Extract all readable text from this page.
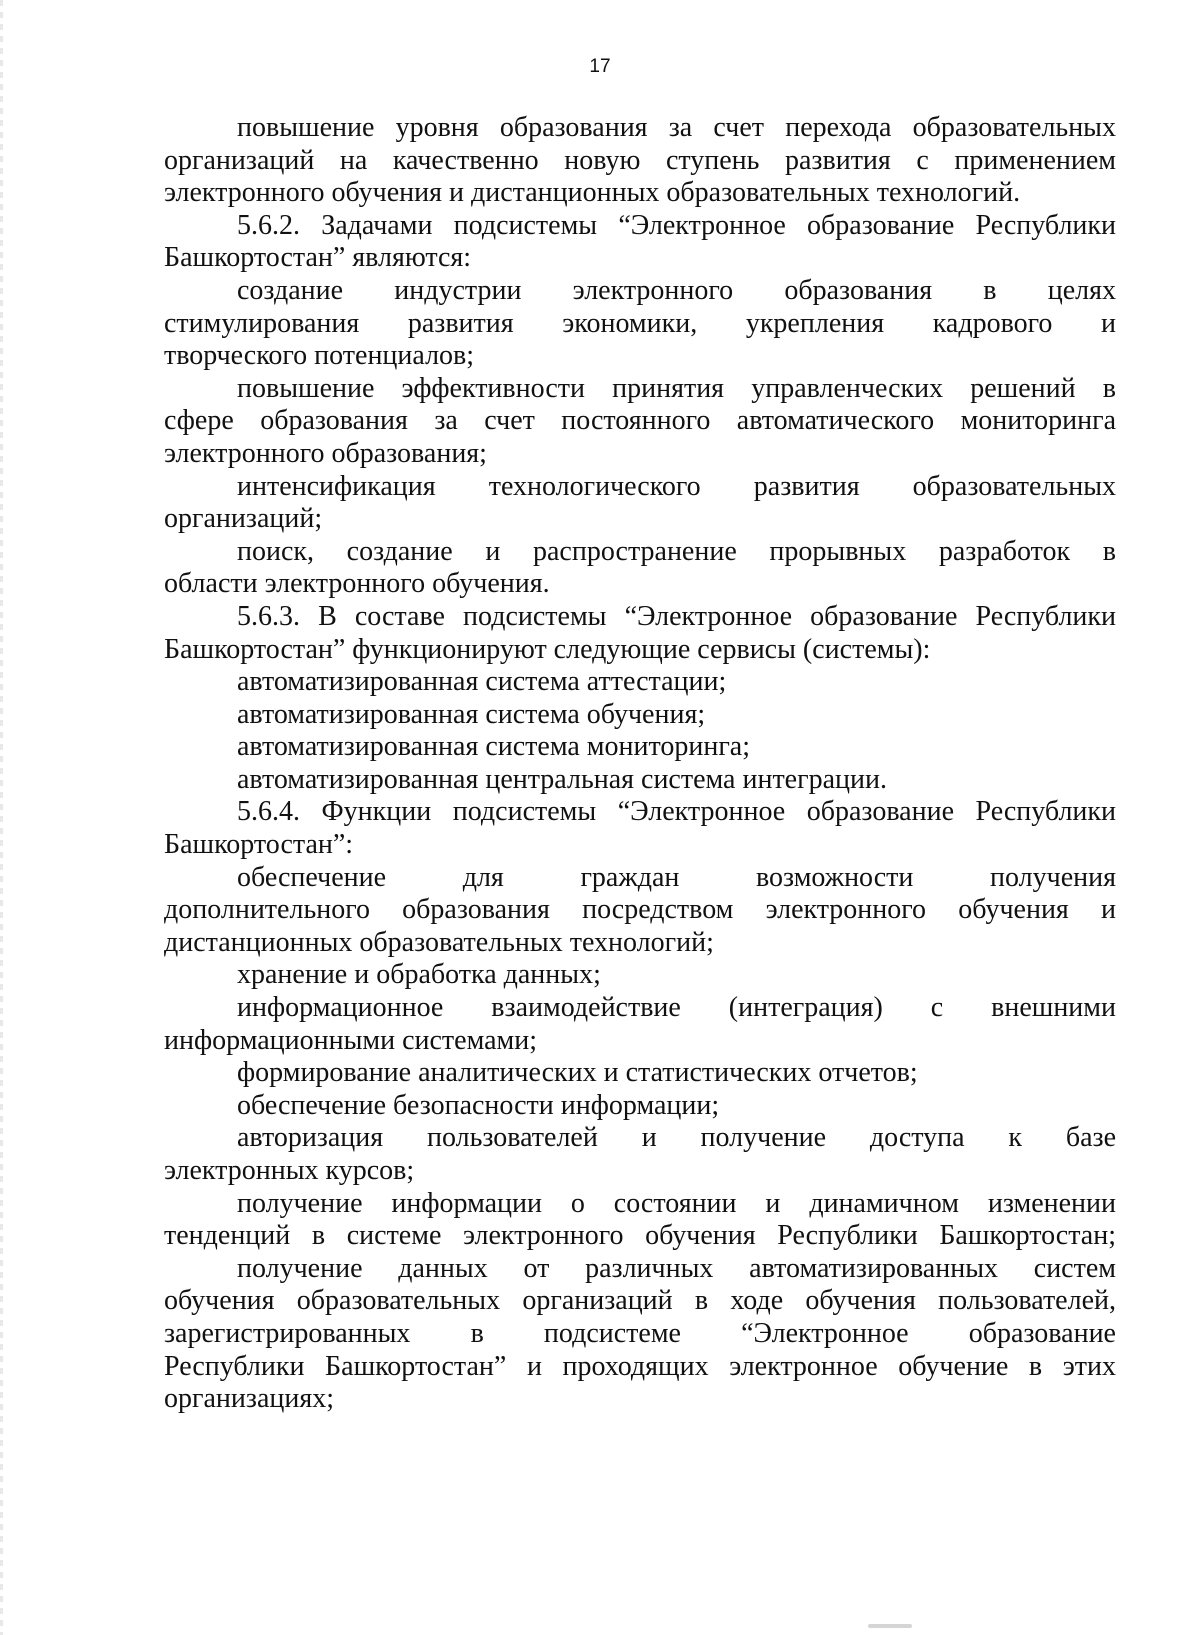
17
повышение уровня образования за счет перехода образовательных
организаций на качественно новую ступень развития с применением
электронного обучения и дистанционных образовательных технологий.
5.6.2. Задачами подсистемы “Электронное образование Республики
Башкортостан” являются:
создание индустрии электронного образования в целях
стимулирования развития экономики, укрепления кадрового и
творческого потенциалов;
повышение эффективности принятия управленческих решений в
сфере образования за счет постоянного автоматического мониторинга
электронного образования;
интенсификация технологического развития образовательных
организаций;
поиск, создание и распространение прорывных разработок в
области электронного обучения.
5.6.3. В составе подсистемы “Электронное образование Республики
Башкортостан” функционируют следующие сервисы (системы):
автоматизированная система аттестации;
автоматизированная система обучения;
автоматизированная система мониторинга;
автоматизированная центральная система интеграции.
5.6.4. Функции подсистемы “Электронное образование Республики
Башкортостан”:
обеспечение для граждан возможности получения
дополнительного образования посредством электронного обучения и
дистанционных образовательных технологий;
хранение и обработка данных;
информационное взаимодействие (интеграция) с внешними
информационными системами;
формирование аналитических и статистических отчетов;
обеспечение безопасности информации;
авторизация пользователей и получение доступа к базе
электронных курсов;
получение информации о состоянии и динамичном изменении
тенденций в системе электронного обучения Республики Башкортостан;
получение данных от различных автоматизированных систем
обучения образовательных организаций в ходе обучения пользователей,
зарегистрированных в подсистеме “Электронное образование
Республики Башкортостан” и проходящих электронное обучение в этих
организациях;
